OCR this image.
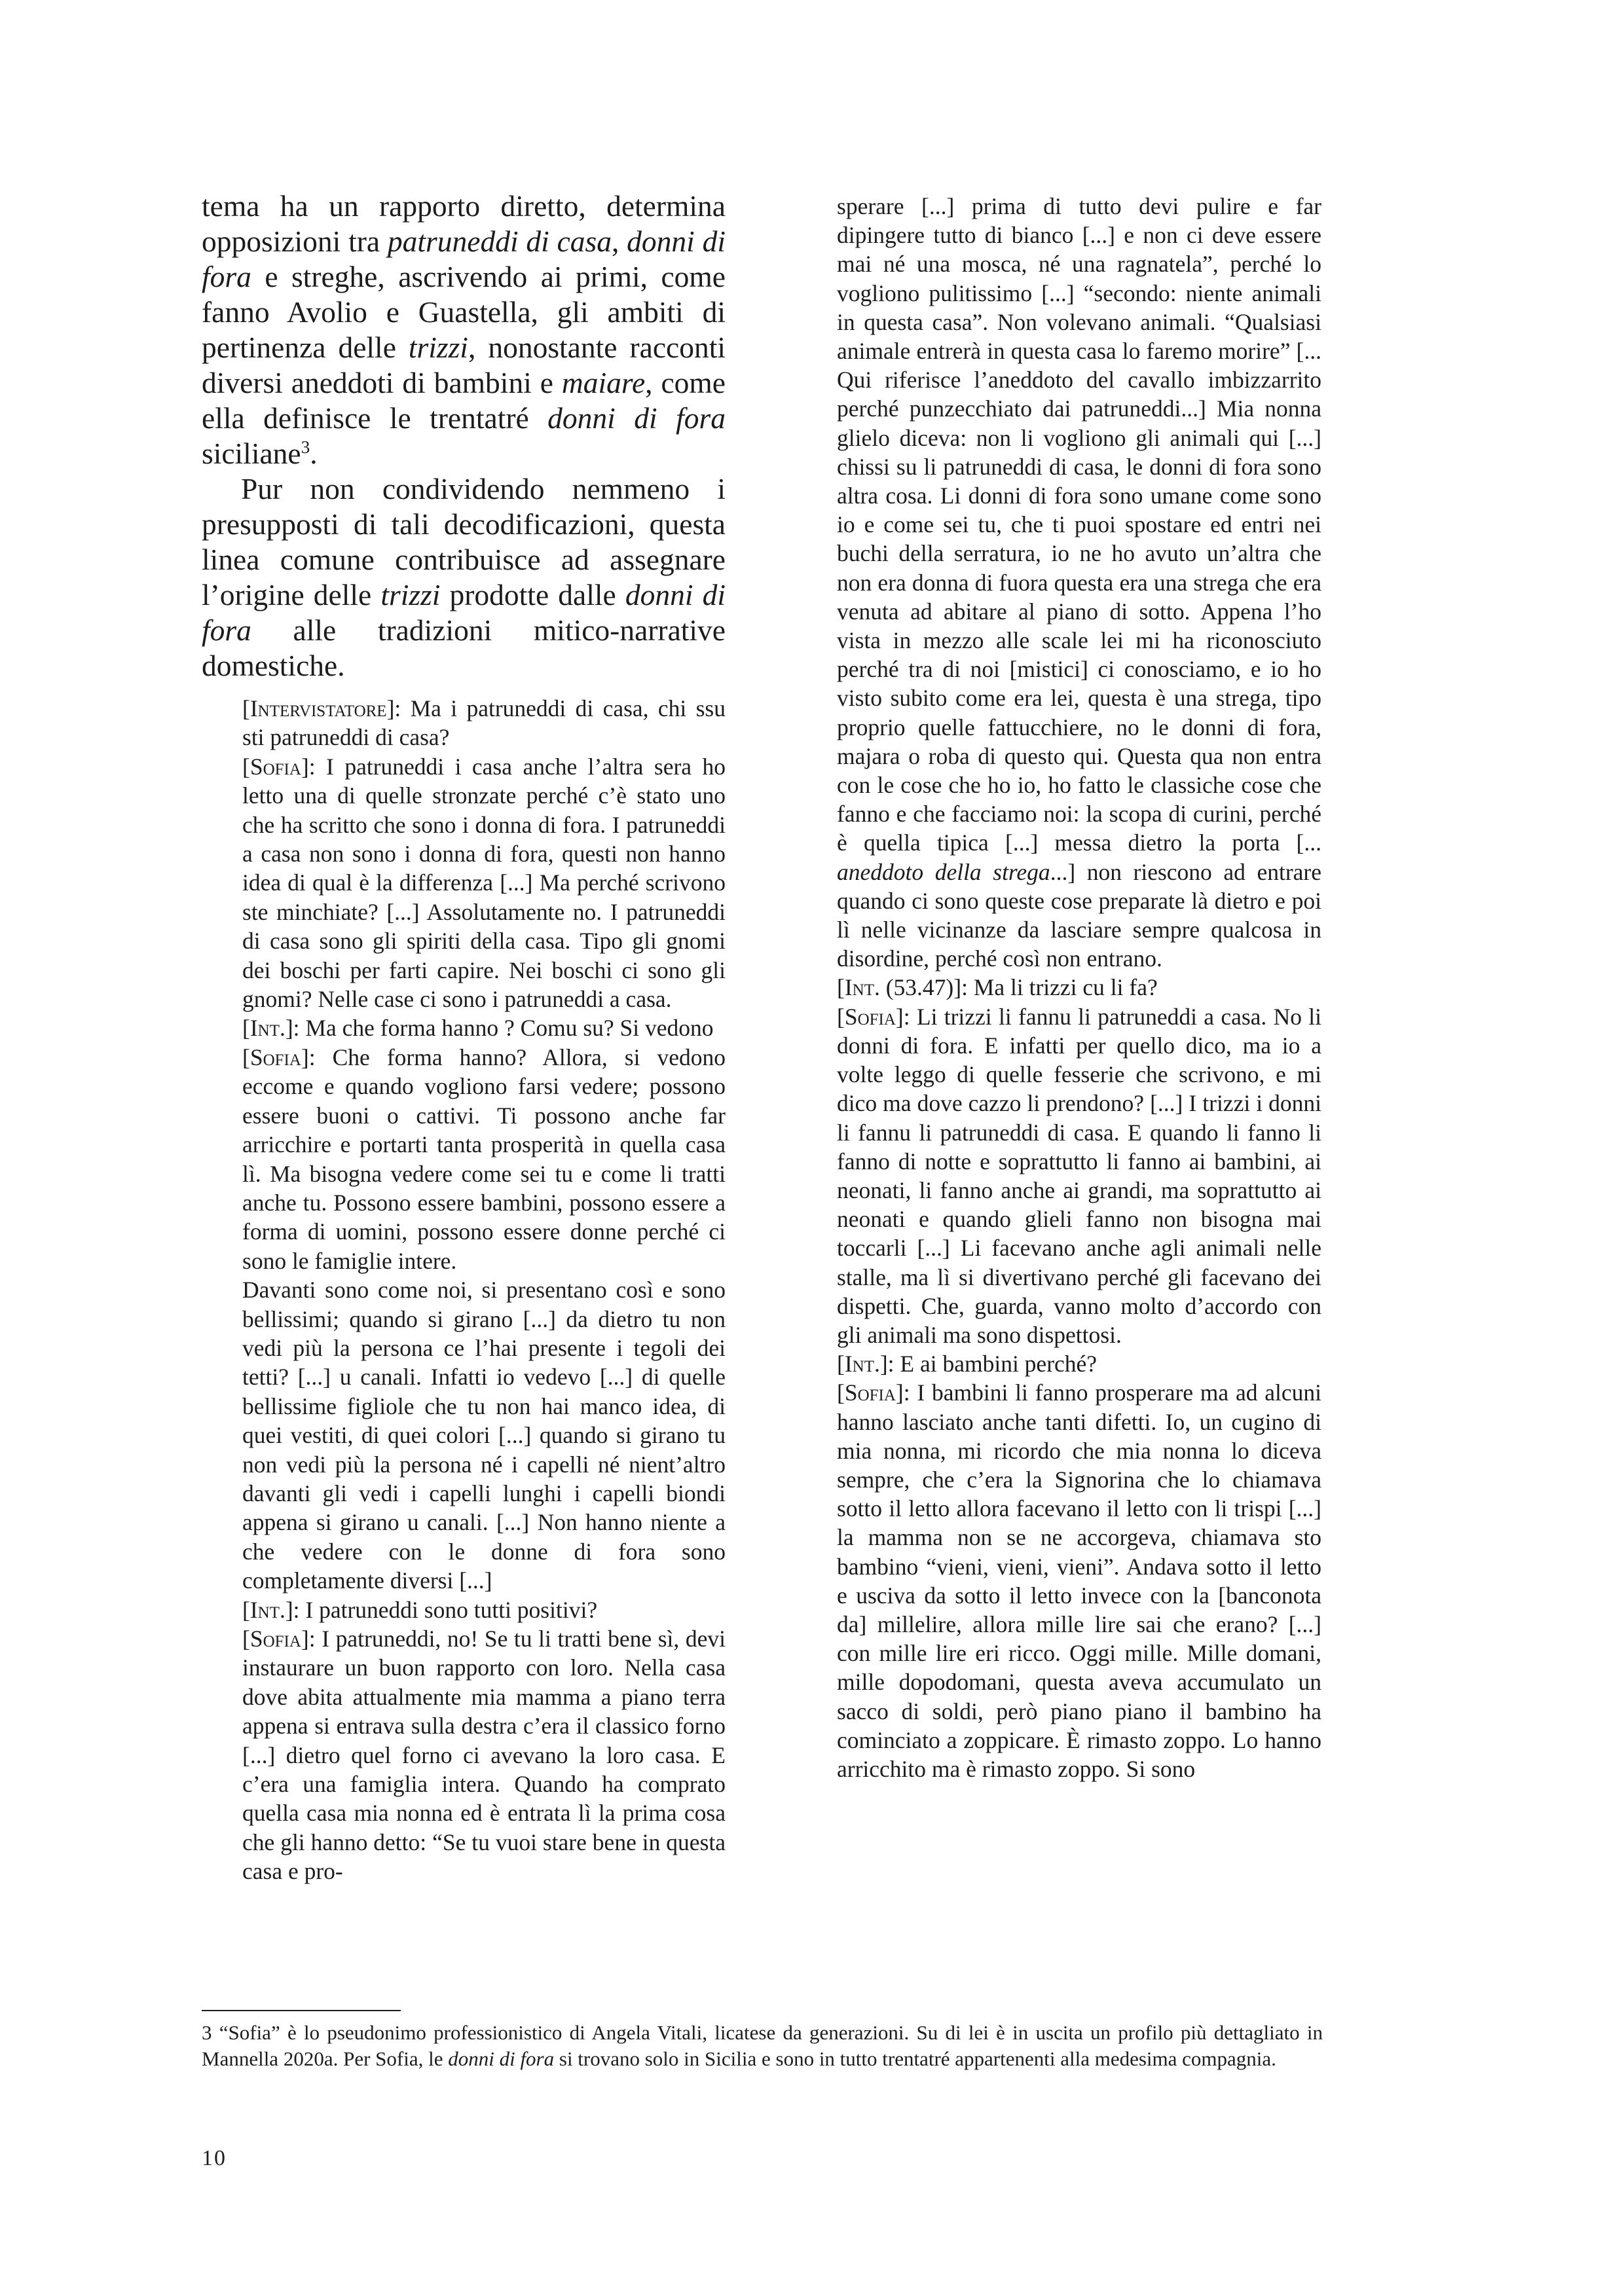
tema ha un rapporto diretto, determina opposizioni tra patruneddi di casa, donni di fora e streghe, ascrivendo ai primi, come fanno Avolio e Guastella, gli ambiti di pertinenza delle trizzi, nonostante racconti diversi aneddoti di bambini e maiare, come ella definisce le trentatré donni di fora siciliane$^3$.

Pur non condividendo nemmeno i presupposti di tali decodificazioni, questa linea comune contribuisce ad assegnare l’origine delle trizzi prodotte dalle donni di fora alle tradizioni mitico-narrative domestiche.

[Intervistatore]: Ma i patruneddi di casa, chi ssu sti patruneddi di casa?

[Sofia]: I patruneddi i casa anche l’altra sera ho letto una di quelle stronzate perché c’è stato uno che ha scritto che sono i donna di fora. I patruneddi a casa non sono i donna di fora, questi non hanno idea di qual è la differenza [...] Ma perché scrivono ste minchiate? [...] Assolutamente no. I patruneddi di casa sono gli spiriti della casa. Tipo gli gnomi dei boschi per farti capire. Nei boschi ci sono gli gnomi? Nelle case ci sono i patruneddi a casa.

[Int.]: Ma che forma hanno ? Comu su? Si vedono

[Sofia]: Che forma hanno? Allora, si vedono eccome e quando vogliono farsi vedere; possono essere buoni o cattivi. Ti possono anche far arricchire e portarti tanta prosperità in quella casa lì. Ma bisogna vedere come sei tu e come li tratti anche tu. Possono essere bambini, possono essere a forma di uomini, possono essere donne perché ci sono le famiglie intere.

Davanti sono come noi, si presentano così e sono bellissimi; quando si girano [...] da dietro tu non vedi più la persona ce l’hai presente i tegoli dei tetti? [...] u canali. Infatti io vedevo [...] di quelle bellissime figliole che tu non hai manco idea, di quei vestiti, di quei colori [...] quando si girano tu non vedi più la persona né i capelli né nient’altro davanti gli vedi i capelli lunghi i capelli biondi appena si girano u canali. [...] Non hanno niente a che vedere con le donne di fora sono completamente diversi [...]

[Int.]: I patruneddi sono tutti positivi?

[Sofia]: I patruneddi, no! Se tu li tratti bene sì, devi instaurare un buon rapporto con loro. Nella casa dove abita attualmente mia mamma a piano terra appena si entrava sulla destra c’era il classico forno [...] dietro quel forno ci avevano la loro casa. E c’era una famiglia intera. Quando ha comprato quella casa mia nonna ed è entrata lì la prima cosa che gli hanno detto: “Se tu vuoi stare bene in questa casa e pro-

sperare [...] prima di tutto devi pulire e far dipingere tutto di bianco [...] e non ci deve essere mai né una mosca, né una ragnatela”, perché lo vogliono pulitissimo [...] “secondo: niente animali in questa casa”. Non volevano animali. “Qualsiasi animale entrerà in questa casa lo faremo morire” [... Qui riferisce l’aneddoto del cavallo imbizzarrito perché punzecchiato dai patruneddi...] Mia nonna glielo diceva: non li vogliono gli animali qui [...] chissi su li patruneddi di casa, le donni di fora sono altra cosa. Li donni di fora sono umane come sono io e come sei tu, che ti puoi spostare ed entri nei buchi della serratura, io ne ho avuto un’altra che non era donna di fuora questa era una strega che era venuta ad abitare al piano di sotto. Appena l’ho vista in mezzo alle scale lei mi ha riconosciuto perché tra di noi [mistici] ci conosciamo, e io ho visto subito come era lei, questa è una strega, tipo proprio quelle fattucchiere, no le donni di fora, majara o roba di questo qui. Questa qua non entra con le cose che ho io, ho fatto le classiche cose che fanno e che facciamo noi: la scopa di curini, perché è quella tipica [...] messa dietro la porta [... aneddoto della strega...] non riescono ad entrare quando ci sono queste cose preparate là dietro e poi lì nelle vicinanze da lasciare sempre qualcosa in disordine, perché così non entrano.

[Int. (53.47)]: Ma li trizzi cu li fa?

[Sofia]: Li trizzi li fannu li patruneddi a casa. No li donni di fora. E infatti per quello dico, ma io a volte leggo di quelle fesserie che scrivono, e mi dico ma dove cazzo li prendono? [...] I trizzi i donni li fannu li patruneddi di casa. E quando li fanno li fanno di notte e soprattutto li fanno ai bambini, ai neonati, li fanno anche ai grandi, ma soprattutto ai neonati e quando glieli fanno non bisogna mai toccarli [...] Li facevano anche agli animali nelle stalle, ma lì si divertivano perché gli facevano dei dispetti. Che, guarda, vanno molto d’accordo con gli animali ma sono dispettosi.

[Int.]: E ai bambini perché?

[Sofia]: I bambini li fanno prosperare ma ad alcuni hanno lasciato anche tanti difetti. Io, un cugino di mia nonna, mi ricordo che mia nonna lo diceva sempre, che c’era la Signorina che lo chiamava sotto il letto allora facevano il letto con li trispi [...] la mamma non se ne accorgeva, chiamava sto bambino “vieni, vieni, vieni”. Andava sotto il letto e usciva da sotto il letto invece con la [banconota da] millelire, allora mille lire sai che erano? [...] con mille lire eri ricco. Oggi mille. Mille domani, mille dopodomani, questa aveva accumulato un sacco di soldi, però piano piano il bambino ha cominciato a zoppicare. È rimasto zoppo. Lo hanno arricchito ma è rimasto zoppo. Si sono

3 “Sofia” è lo pseudonimo professionistico di Angela Vitali, licatese da generazioni. Su di lei è in uscita un profilo più dettagliato in Mannella 2020a. Per Sofia, le donni di fora si trovano solo in Sicilia e sono in tutto trentatré appartenenti alla medesima compagnia.
10
